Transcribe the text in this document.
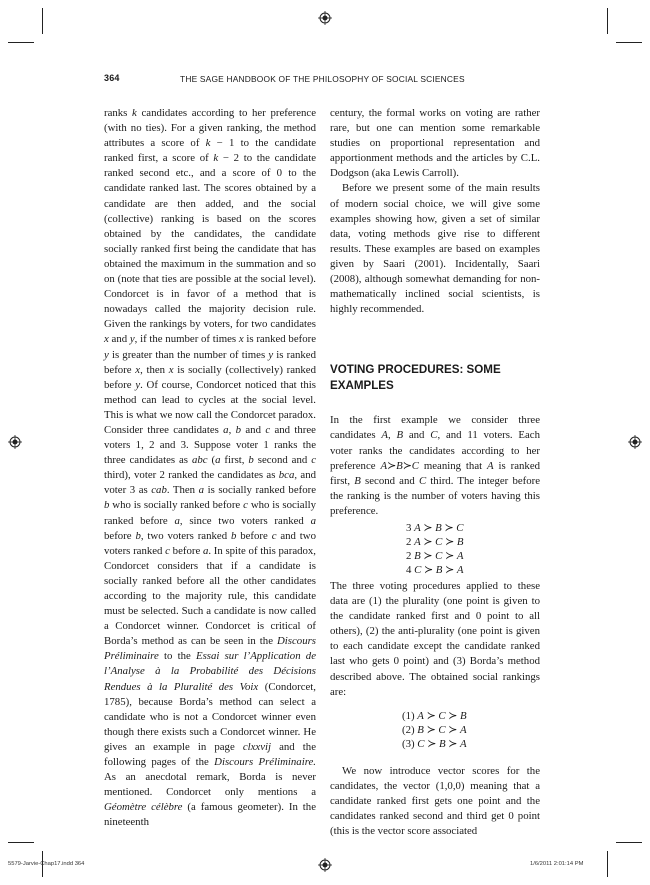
364	THE SAGE HANDBOOK OF THE PHILOSOPHY OF SOCIAL SCIENCES

ranks k candidates according to her preference (with no ties). For a given ranking, the method attributes a score of k − 1 to the candidate ranked first, a score of k − 2 to the candidate ranked second etc., and a score of 0 to the candidate ranked last. The scores obtained by a candidate are then added, and the social (collective) ranking is based on the scores obtained by the candidates, the candidate socially ranked first being the candidate that has obtained the maximum in the summation and so on (note that ties are possible at the social level). Condorcet is in favor of a method that is nowadays called the majority decision rule. Given the rankings by voters, for two candidates x and y, if the number of times x is ranked before y is greater than the number of times y is ranked before x, then x is socially (collectively) ranked before y. Of course, Condorcet noticed that this method can lead to cycles at the social level. This is what we now call the Condorcet paradox. Consider three candidates a, b and c and three voters 1, 2 and 3. Suppose voter 1 ranks the three candidates as abc (a first, b second and c third), voter 2 ranked the candidates as bca, and voter 3 as cab. Then a is socially ranked before b who is socially ranked before c who is socially ranked before a, since two voters ranked a before b, two voters ranked b before c and two voters ranked c before a. In spite of this paradox, Condorcet considers that if a candidate is socially ranked before all the other candidates according to the majority rule, this candidate must be selected. Such a candidate is now called a Condorcet winner. Condorcet is critical of Borda’s method as can be seen in the Discours Préliminaire to the Essai sur l’Application de l’Analyse à la Probabilité des Décisions Rendues à la Pluralité des Voix (Condorcet, 1785), because Borda’s method can select a candidate who is not a Condorcet winner even though there exists such a Condorcet winner. He gives an example in page clxxvij and the following pages of the Discours Préliminaire. As an anecdotal remark, Borda is never mentioned. Condorcet only mentions a Géomètre célèbre (a famous geometer). In the nineteenth

century, the formal works on voting are rather rare, but one can mention some remarkable studies on proportional representation and apportionment methods and the articles by C.L. Dodgson (aka Lewis Carroll).

Before we present some of the main results of modern social choice, we will give some examples showing how, given a set of similar data, voting methods give rise to different results. These examples are based on examples given by Saari (2001). Incidentally, Saari (2008), although somewhat demanding for non-mathematically inclined social scientists, is highly recommended.

VOTING PROCEDURES: SOME EXAMPLES

In the first example we consider three candidates A, B and C, and 11 voters. Each voter ranks the candidates according to her preference A≻B≻C meaning that A is ranked first, B second and C third. The integer before the ranking is the number of voters having this preference.

3 A ≻ B ≻ C
2 A ≻ C ≻ B
2 B ≻ C ≻ A
4 C ≻ B ≻ A

The three voting procedures applied to these data are (1) the plurality (one point is given to the candidate ranked first and 0 point to all others), (2) the anti-plurality (one point is given to each candidate except the candidate ranked last who gets 0 point) and (3) Borda’s method described above. The obtained social rankings are:

(1) A ≻ C ≻ B
(2) B ≻ C ≻ A
(3) C ≻ B ≻ A

We now introduce vector scores for the candidates, the vector (1,0,0) meaning that a candidate ranked first gets one point and the candidates ranked second and third get 0 point (this is the vector score associated

5579-Jarvie-Chap17.indd 364	1/6/2011 2:01:14 PM
